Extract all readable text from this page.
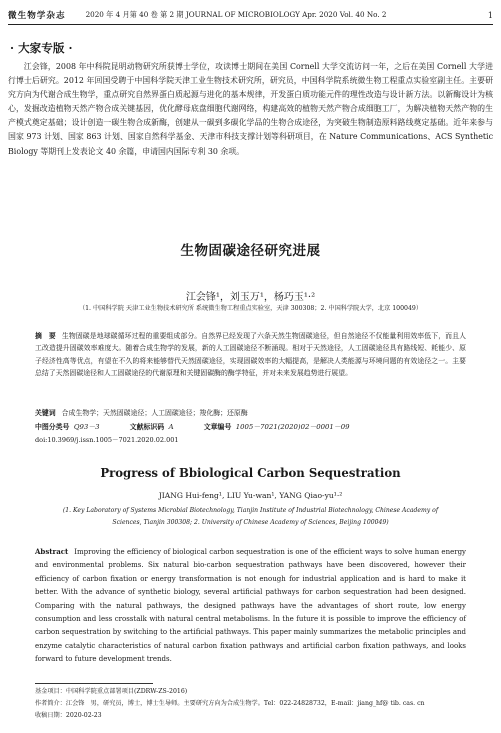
微生物学杂志	2020 年 4 月第 40 卷 第 2 期 JOURNAL OF MICROBIOLOGY Apr. 2020 Vol. 40 No. 2	1
· 大家专版 ·
江会锋，2008 年中科院昆明动物研究所获博士学位，攻读博士期间在美国 Cornell 大学交流访问一年，之后在美国 Cornell 大学进行博士后研究。2012 年回国受聘于中国科学院天津工业生物技术研究所，研究员，中国科学院系统微生物工程重点实验室副主任。主要研究方向为代谢合成生物学，重点研究自然界蛋白质起源与进化的基本规律，开发蛋白质功能元件的理性改造与设计新方法。以新酶设计为核心，发掘改造植物天然产物合成关键基因，优化酵母底盘细胞代谢网络，构建高效的植物天然产物合成细胞工厂，为解决植物天然产物的生产模式奠定基础；设计创造一碳生物合成新酶，创建从一碳到多碳化学品的生物合成途径，为突破生物制造原料路线奠定基础。近年来参与国家 973 计划、国家 863 计划、国家自然科学基金、天津市科技支撑计划等科研项目，在 Nature Communications、ACS Synthetic Biology 等期刊上发表论文 40 余篇，申请国内国际专利 30 余项。
生物固碳途径研究进展
江会锋¹，刘玉万¹，杨巧玉¹·²
（1. 中国科学院 天津工业生物技术研究所 系统微生物工程重点实验室，天津 300308；2. 中国科学院大学，北京 100049）
摘　要 生物固碳是地球碳循环过程的重要组成部分。自然界已经发现了六条天然生物固碳途径，但自然途径不仅能量利用效率低下，而且人工改造提升固碳效率难度大。随着合成生物学的发展，新的人工固碳途径不断涌现。相对于天然途径，人工固碳途径具有路线短、耗能少、原子经济性高等优点，有望在不久的将来能够替代天然固碳途径，实现固碳效率的大幅提高，是解决人类能源与环境问题的有效途径之一。主要总结了天然固碳途径和人工固碳途径的代谢原理和关键固碳酶的酶学特征，并对未来发展趋势进行展望。
关键词 合成生物学；天然固碳途径；人工固碳途径；羧化酶；还原酶
中图分类号 Q93－3	文献标识码 A	文章编号 1005－7021(2020)02－0001－09
doi:10.3969/j.issn.1005－7021.2020.02.001
Progress of Bbiological Carbon Sequestration
JIANG Hui-feng¹, LIU Yu-wan¹, YANG Qiao-yu¹·²
(1. Key Laboratory of Systems Microbial Biotechnology, Tianjin Institute of Industrial Biotechnology, Chinese Academy of Sciences, Tianjin 300308; 2. University of Chinese Academy of Sciences, Beijing 100049)
Abstract Improving the efficiency of biological carbon sequestration is one of the efficient ways to solve human energy and environmental problems. Six natural bio-carbon sequestration pathways have been discovered, however their efficiency of carbon fixation or energy transformation is not enough for industrial application and is hard to make it better. With the advance of synthetic biology, several artificial pathways for carbon sequestration had been designed. Comparing with the natural pathways, the designed pathways have the advantages of short route, low energy consumption and less crosstalk with natural central metabolisms. In the future it is possible to improve the efficiency of carbon sequestration by switching to the artificial pathways. This paper mainly summarizes the metabolic principles and enzyme catalytic characteristics of natural carbon fixation pathways and artificial carbon fixation pathways, and looks forward to future development trends.
基金项目：中国科学院重点部署项目(ZDRW-ZS-2016)
作者简介：江会锋　男，研究员，博士，博士生导师。主要研究方向为合成生物学。Tel：022-24828732，E-mail：jiang_hf@ tib. cas. cn
收稿日期：2020-02-23
